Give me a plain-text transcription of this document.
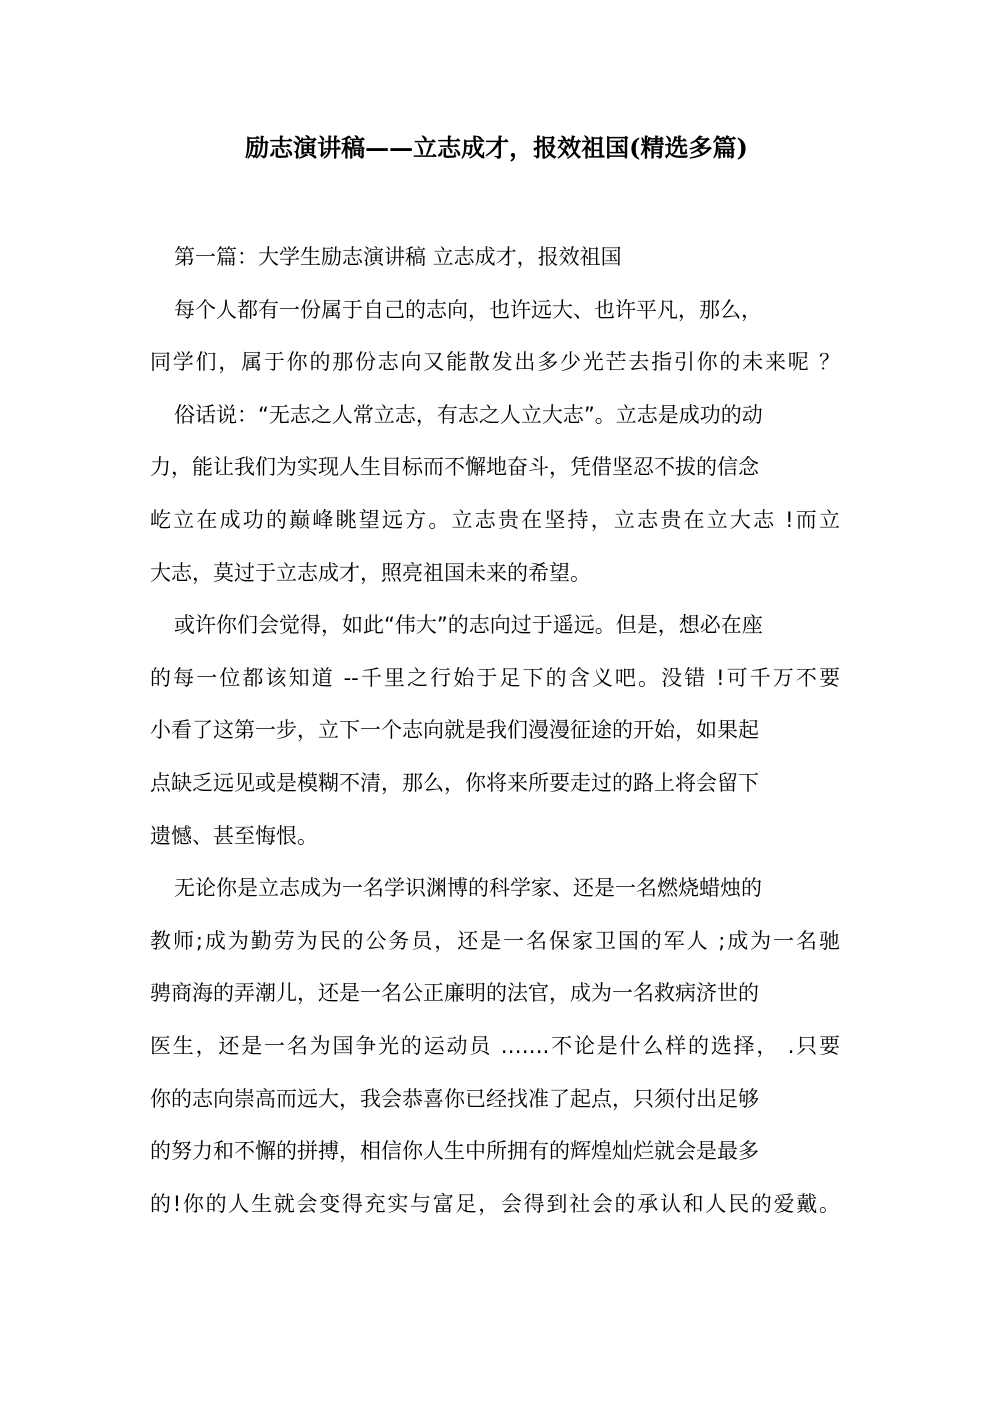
励志演讲稿——立志成才，报效祖国(精选多篇)
第一篇：大学生励志演讲稿 立志成才，报效祖国
每个人都有一份属于自己的志向，也许远大、也许平凡，那么，
同学们，属于你的那份志向又能散发出多少光芒去指引你的未来呢 ？
俗话说：“无志之人常立志，有志之人立大志”。立志是成功的动
力，能让我们为实现人生目标而不懈地奋斗，凭借坚忍不拔的信念
屹立在成功的巅峰眺望远方。立志贵在坚持，立志贵在立大志 !而立
大志，莫过于立志成才，照亮祖国未来的希望。
或许你们会觉得，如此“伟大”的志向过于遥远。但是，想必在座
的每一位都该知道 --千里之行始于足下的含义吧。没错 !可千万不要
小看了这第一步，立下一个志向就是我们漫漫征途的开始，如果起
点缺乏远见或是模糊不清，那么，你将来所要走过的路上将会留下
遗憾、甚至悔恨。
无论你是立志成为一名学识渊博的科学家、还是一名燃烧蜡烛的
教师;成为勤劳为民的公务员，还是一名保家卫国的军人 ;成为一名驰
骋商海的弄潮儿，还是一名公正廉明的法官，成为一名救病济世的
医生，还是一名为国争光的运动员 …….不论是什么样的选择， .只要
你的志向崇高而远大，我会恭喜你已经找准了起点，只须付出足够
的努力和不懈的拼搏，相信你人生中所拥有的辉煌灿烂就会是最多
的!你的人生就会变得充实与富足，会得到社会的承认和人民的爱戴。
